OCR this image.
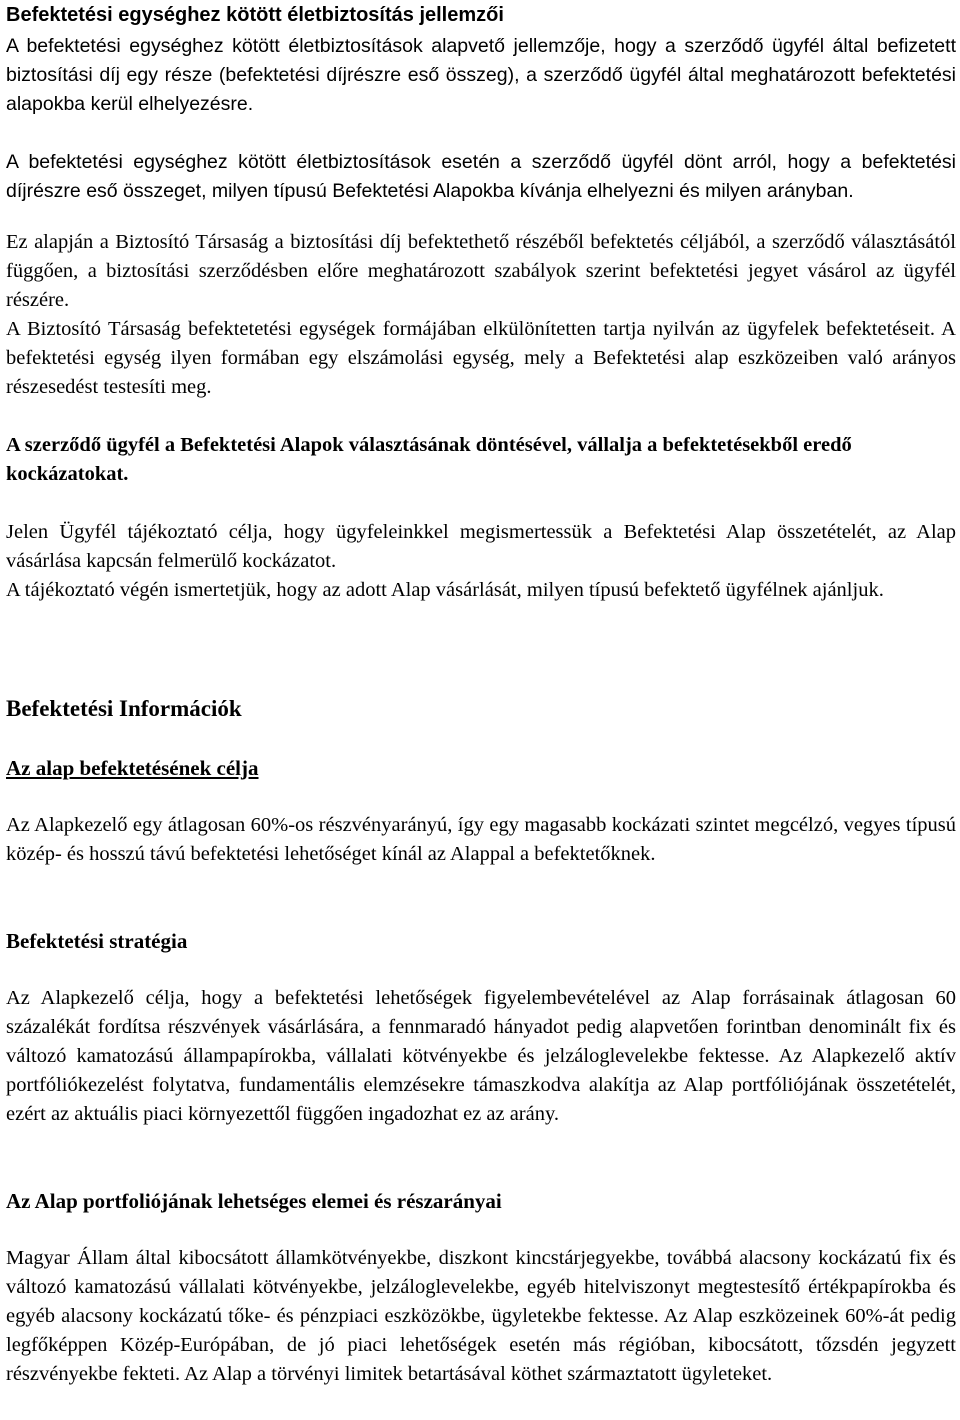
Befektetési egységhez kötött életbiztosítás jellemzői

A befektetési egységhez kötött életbiztosítások alapvető jellemzője, hogy a szerződő ügyfél által befizetett biztosítási díj egy része (befektetési díjrészre eső összeg), a szerződő ügyfél által meghatározott befektetési alapokba kerül elhelyezésre.

A befektetési egységhez kötött életbiztosítások esetén a szerződő ügyfél dönt arról, hogy a befektetési díjrészre eső összeget, milyen típusú Befektetési Alapokba kívánja elhelyezni és milyen arányban.

Ez alapján a Biztosító Társaság a biztosítási díj befektethető részéből befektetés céljából, a szerződő választásától függően, a biztosítási szerződésben előre meghatározott szabályok szerint befektetési jegyet vásárol az ügyfél részére.

A Biztosító Társaság befektetetési egységek formájában elkülönítetten tartja nyilván az ügyfelek befektetéseit. A befektetési egység ilyen formában egy elszámolási egység, mely a Befektetési alap eszközeiben való arányos részesedést testesíti meg.

A szerződő ügyfél a Befektetési Alapok választásának döntésével, vállalja a befektetésekből eredő kockázatokat.

Jelen Ügyfél tájékoztató célja, hogy ügyfeleinkkel megismertessük a Befektetési Alap összetételét, az Alap vásárlása kapcsán felmerülő kockázatot.

A tájékoztató végén ismertetjük, hogy az adott Alap vásárlását, milyen típusú befektető ügyfélnek ajánljuk.

Befektetési Információk
Az alap befektetésének célja

Az Alapkezelő egy átlagosan 60%-os részvényarányú, így egy magasabb kockázati szintet megcélzó, vegyes típusú közép- és hosszú távú befektetési lehetőséget kínál az Alappal a befektetőknek.

Befektetési stratégia

Az Alapkezelő célja, hogy a befektetési lehetőségek figyelembevételével az Alap forrásainak átlagosan 60 százalékát fordítsa részvények vásárlására, a fennmaradó hányadot pedig alapvetően forintban denominált fix és változó kamatozású állampapírokba, vállalati kötvényekbe és jelzáloglevelekbe fektesse. Az Alapkezelő aktív portfóliókezelést folytatva, fundamentális elemzésekre támaszkodva alakítja az Alap portfóliójának összetételét, ezért az aktuális piaci környezettől függően ingadozhat ez az arány.

Az Alap portfoliójának lehetséges elemei és részarányai

Magyar Állam által kibocsátott államkötvényekbe, diszkont kincstárjegyekbe, továbbá alacsony kockázatú fix és változó kamatozású vállalati kötvényekbe, jelzáloglevelekbe, egyéb hitelviszonyt megtestesítő értékpapírokba és egyéb alacsony kockázatú tőke- és pénzpiaci eszközökbe, ügyletekbe fektesse. Az Alap eszközeinek 60%-át pedig legfőképpen Közép-Európában, de jó piaci lehetőségek esetén más régióban, kibocsátott, tőzsdén jegyzett részvényekbe fekteti. Az Alap a törvényi limitek betartásával köthet származtatott ügyleteket.
